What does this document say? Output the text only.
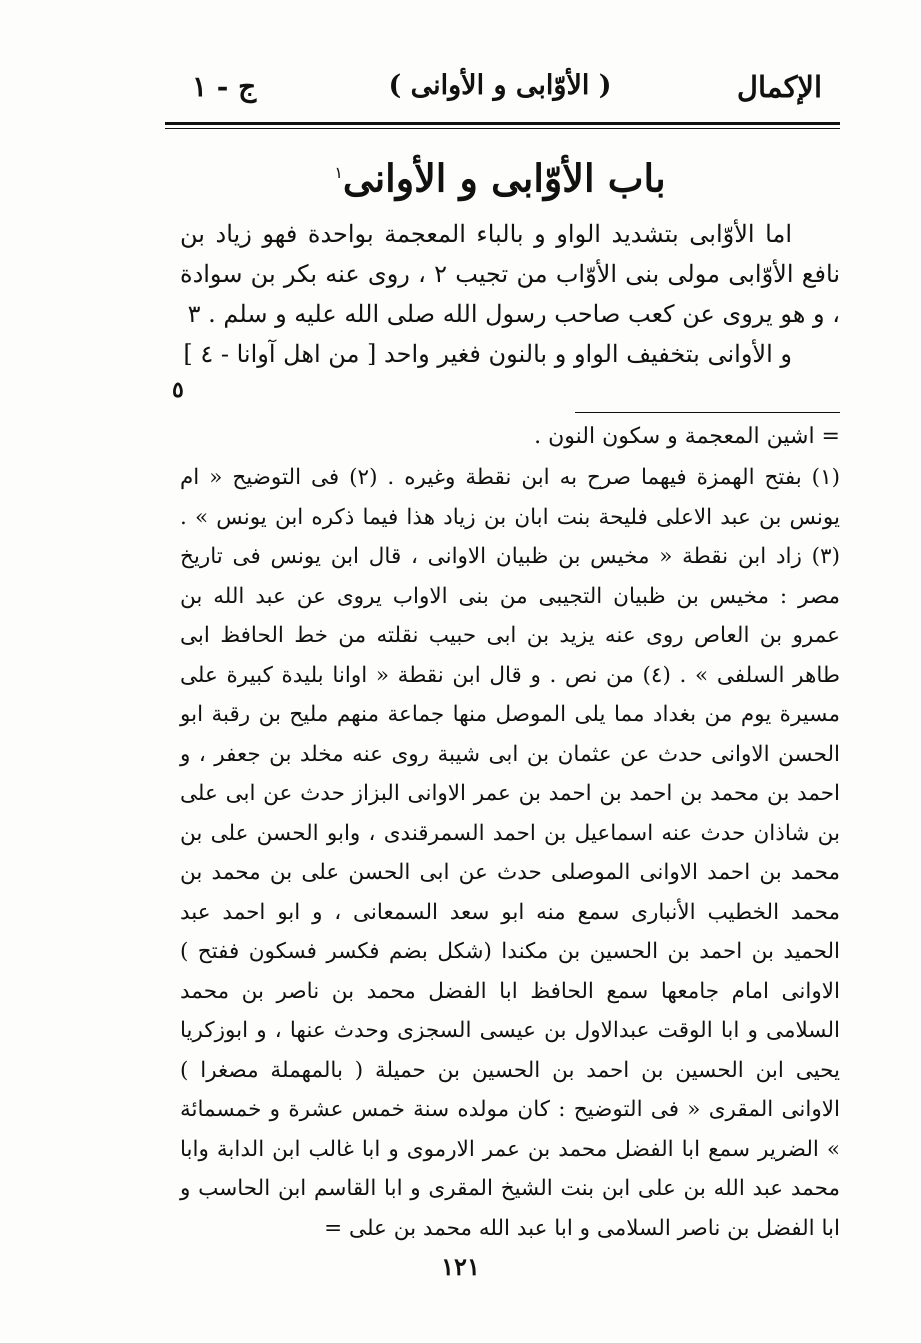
الإكمال
( الأوّابى و الأوانى )
ج - ١
باب الأوّابى و الأوانى$^١$

اما الأوّابى بتشديد الواو و بالباء المعجمة بواحدة فهو زياد بن نافع الأوّابى مولى بنى الأوّاب من تجيب ٢ ، روى عنه بكر بن سوادة ، و هو يروى عن كعب صاحب رسول الله صلى الله عليه و سلم . ٣

و الأوانى بتخفيف الواو و بالنون فغير واحد [ من اهل آوانا - ٤ ]

٥
= اشين المعجمة و سكون النون .

(١) بفتح الهمزة فيهما صرح به ابن نقطة وغيره . (٢) فى التوضيح « ام يونس بن عبد الاعلى فليحة بنت ابان بن زياد هذا فيما ذكره ابن يونس » . (٣) زاد ابن نقطة « مخيس بن ظبيان الاوانى ، قال ابن يونس فى تاريخ مصر : مخيس بن ظبيان التجيبى من بنى الاواب يروى عن عبد الله بن عمرو بن العاص روى عنه يزيد بن ابى حبيب نقلته من خط الحافظ ابى طاهر السلفى » . (٤) من نص . و قال ابن نقطة « اوانا بليدة كبيرة على مسيرة يوم من بغداد مما يلى الموصل منها جماعة منهم مليح بن رقبة ابو الحسن الاوانى حدث عن عثمان بن ابى شيبة روى عنه مخلد بن جعفر ، و احمد بن محمد بن احمد بن احمد بن عمر الاوانى البزاز حدث عن ابى على بن شاذان حدث عنه اسماعيل بن احمد السمرقندى ، وابو الحسن على بن محمد بن احمد الاوانى الموصلى حدث عن ابى الحسن على بن محمد بن محمد الخطيب الأنبارى سمع منه ابو سعد السمعانى ، و ابو احمد عبد الحميد بن احمد بن الحسين بن مكندا (شكل بضم فكسر فسكون ففتح ) الاوانى امام جامعها سمع الحافظ ابا الفضل محمد بن ناصر بن محمد السلامى و ابا الوقت عبدالاول بن عيسى السجزى وحدث عنها ، و ابوزكريا يحيى ابن الحسين بن احمد بن الحسين بن حميلة ( بالمهملة مصغرا ) الاوانى المقرى « فى التوضيح : كان مولده سنة خمس عشرة و خمسمائة » الضرير سمع ابا الفضل محمد بن عمر الارموى و ابا غالب ابن الدابة وابا محمد عبد الله بن على ابن بنت الشيخ المقرى و ابا القاسم ابن الحاسب و ابا الفضل بن ناصر السلامى و ابا عبد الله محمد بن على =

١٢١
